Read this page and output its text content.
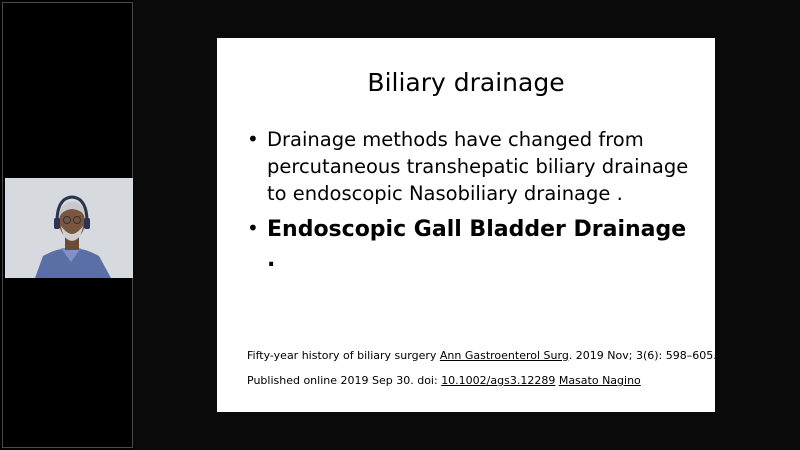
Biliary drainage
• Drainage methods have changed from percutaneous transhepatic biliary drainage to endoscopic Nasobiliary drainage .
• Endoscopic Gall Bladder Drainage .
Fifty-year history of biliary surgery Ann Gastroenterol Surg. 2019 Nov; 3(6): 598–605.
Published online 2019 Sep 30. doi: 10.1002/ags3.12289 Masato Nagino
